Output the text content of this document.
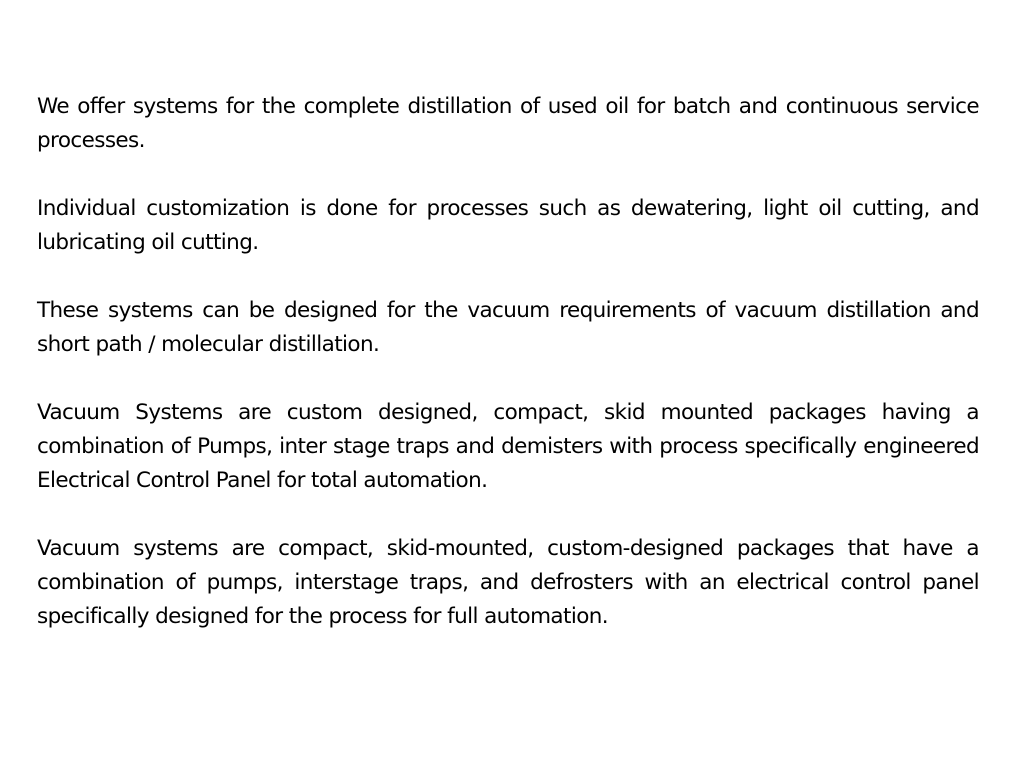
We offer systems for the complete distillation of used oil for batch and continuous service processes.

Individual customization is done for processes such as dewatering, light oil cutting, and lubricating oil cutting.

These systems can be designed for the vacuum requirements of vacuum distillation and short path / molecular distillation.

Vacuum Systems are custom designed, compact, skid mounted packages having a combination of Pumps, inter stage traps and demisters with process specifically engineered Electrical Control Panel for total automation.

Vacuum systems are compact, skid-mounted, custom-designed packages that have a combination of pumps, interstage traps, and defrosters with an electrical control panel specifically designed for the process for full automation.
